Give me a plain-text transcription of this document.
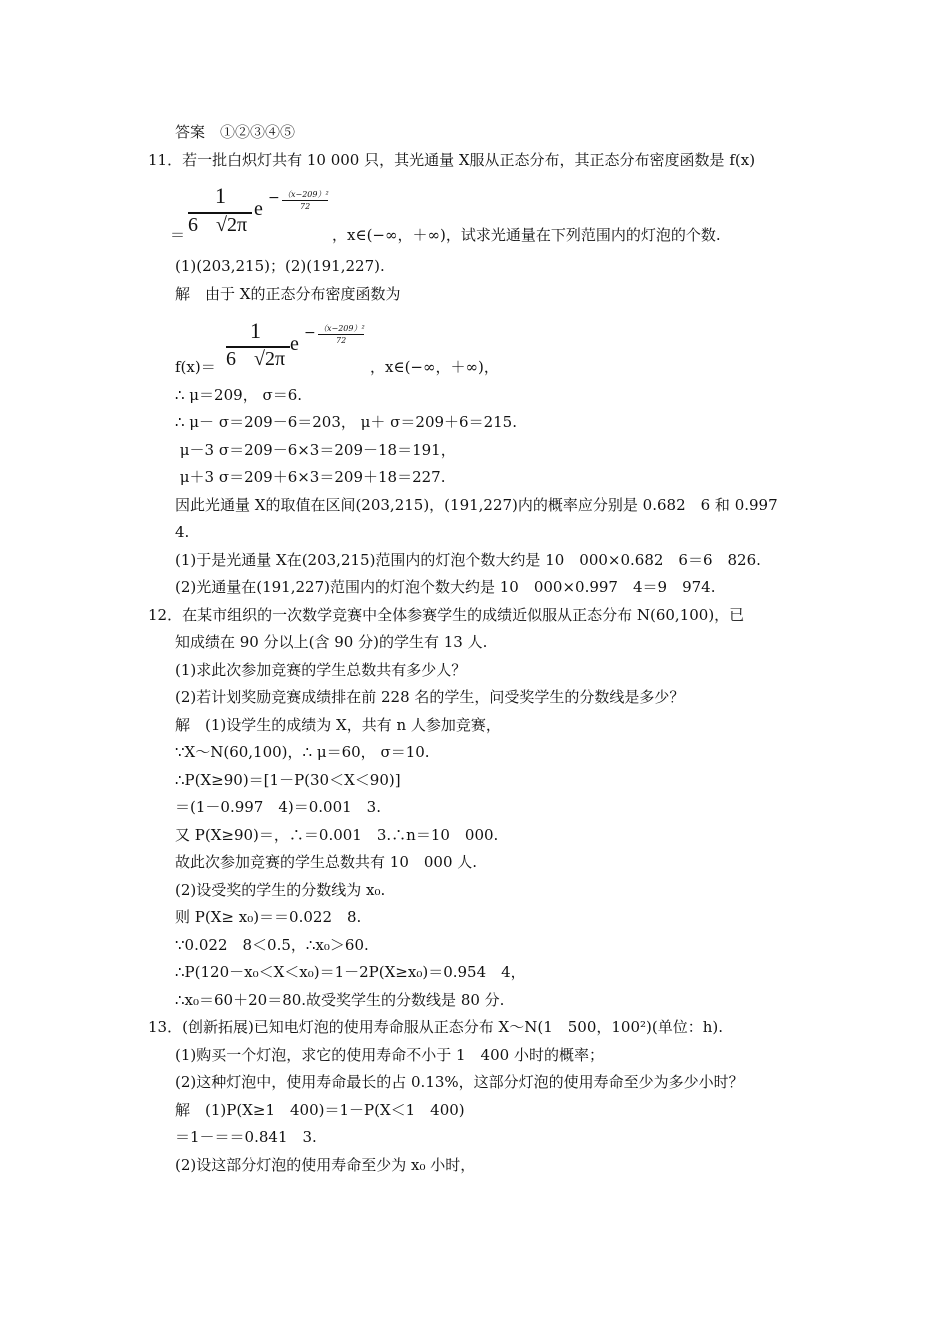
答案　①②③④⑤
11．若一批白炽灯共有 10 000 只，其光通量 X服从正态分布，其正态分布密度函数是 f(x)
1
6 √2π
e − （x−209）²
72
＝	，x∈(−∞，＋∞)，试求光通量在下列范围内的灯泡的个数.
(1)(203,215)；(2)(191,227).
解　由于 X的正态分布密度函数为
f(x)＝
1
6 √2π
e − （x−209）²
72
，x∈(−∞，＋∞)，
∴ μ＝209， σ＝6.
∴ μ－ σ＝209－6＝203， μ＋ σ＝209＋6＝215.
μ－3 σ＝209－6×3＝209－18＝191，
μ＋3 σ＝209＋6×3＝209＋18＝227.
因此光通量 X的取值在区间(203,215)，(191,227)内的概率应分别是 0.682　6 和 0.997
4.
(1)于是光通量 X在(203,215)范围内的灯泡个数大约是 10　000×0.682　6＝6　826.
(2)光通量在(191,227)范围内的灯泡个数大约是 10　000×0.997　4＝9　974.
12．在某市组织的一次数学竞赛中全体参赛学生的成绩近似服从正态分布 N(60,100)，已
知成绩在 90 分以上(含 90 分)的学生有 13 人.
(1)求此次参加竞赛的学生总数共有多少人？
(2)若计划奖励竞赛成绩排在前 228 名的学生，问受奖学生的分数线是多少？
解　(1)设学生的成绩为 X，共有 n 人参加竞赛，
∵X～N(60,100)，∴ μ＝60， σ＝10.
∴P(X≥90)＝[1－P(30＜X＜90)]
＝(1－0.997　4)＝0.001　3.
又 P(X≥90)＝，∴＝0.001　3.∴n＝10　000.
故此次参加竞赛的学生总数共有 10　000 人.
(2)设受奖的学生的分数线为 x₀.
则 P(X≥ x₀)＝＝0.022　8.
∵0.022　8＜0.5，∴x₀＞60.
∴P(120－x₀＜X＜x₀)＝1－2P(X≥x₀)＝0.954　4，
∴x₀＝60＋20＝80.故受奖学生的分数线是 80 分.
13．(创新拓展)已知电灯泡的使用寿命服从正态分布 X～N(1　500，100²)(单位：h).
(1)购买一个灯泡，求它的使用寿命不小于 1　400 小时的概率；
(2)这种灯泡中，使用寿命最长的占 0.13%，这部分灯泡的使用寿命至少为多少小时？
解　(1)P(X≥1　400)＝1－P(X＜1　400)
＝1－＝＝0.841　3.
(2)设这部分灯泡的使用寿命至少为 x₀ 小时，
